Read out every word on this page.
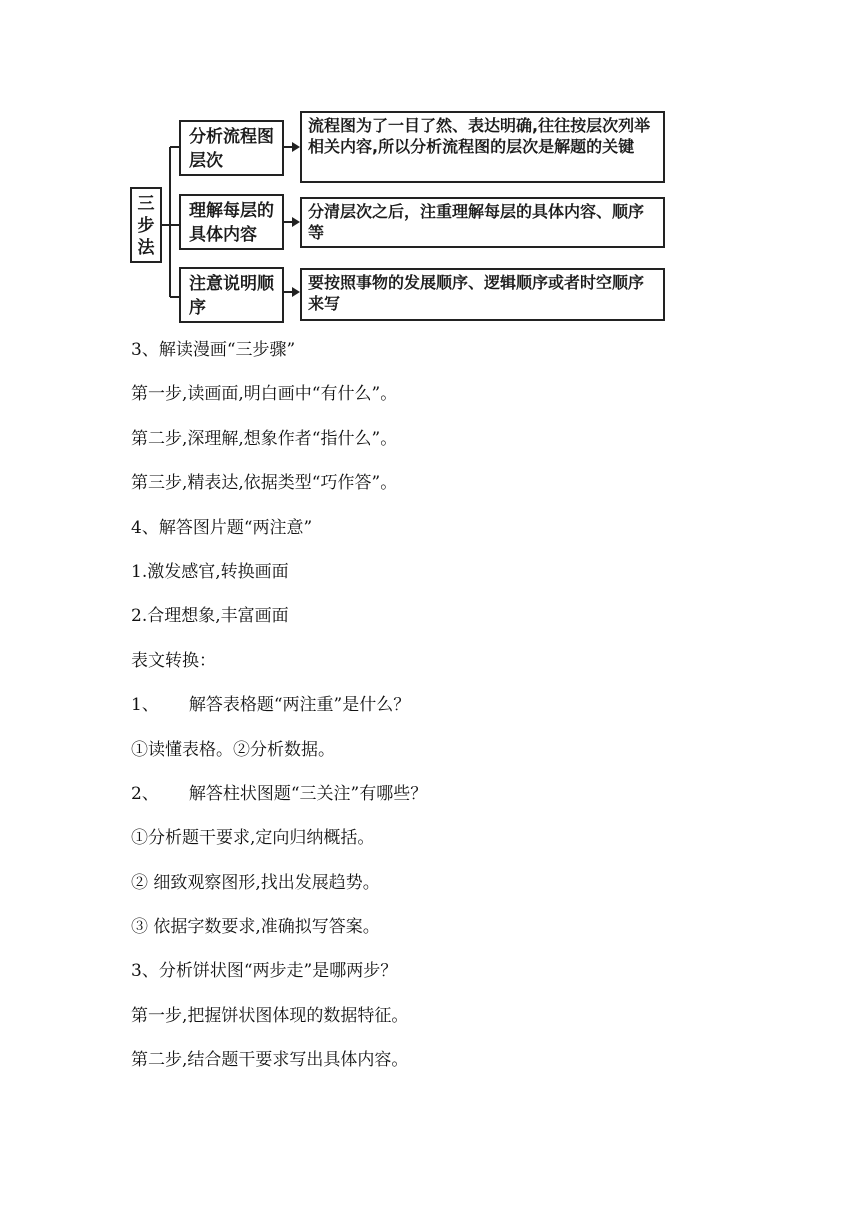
三步法
分析流程图层次
理解每层的具体内容
注意说明顺序
流程图为了一目了然、表达明确,往往按层次列举相关内容,所以分析流程图的层次是解题的关键
分清层次之后，注重理解每层的具体内容、顺序等
要按照事物的发展顺序、逻辑顺序或者时空顺序来写
3、解读漫画“三步骤”
第一步,读画面,明白画中“有什么”。
第二步,深理解,想象作者“指什么”。
第三步,精表达,依据类型“巧作答”。
4、解答图片题“两注意”
1.激发感官,转换画面
2.合理想象,丰富画面
表文转换：
1、 解答表格题“两注重”是什么？
①读懂表格。②分析数据。
2、 解答柱状图题“三关注”有哪些？
①分析题干要求,定向归纳概括。
② 细致观察图形,找出发展趋势。
③ 依据字数要求,准确拟写答案。
3、分析饼状图“两步走”是哪两步？
第一步,把握饼状图体现的数据特征。
第二步,结合题干要求写出具体内容。
